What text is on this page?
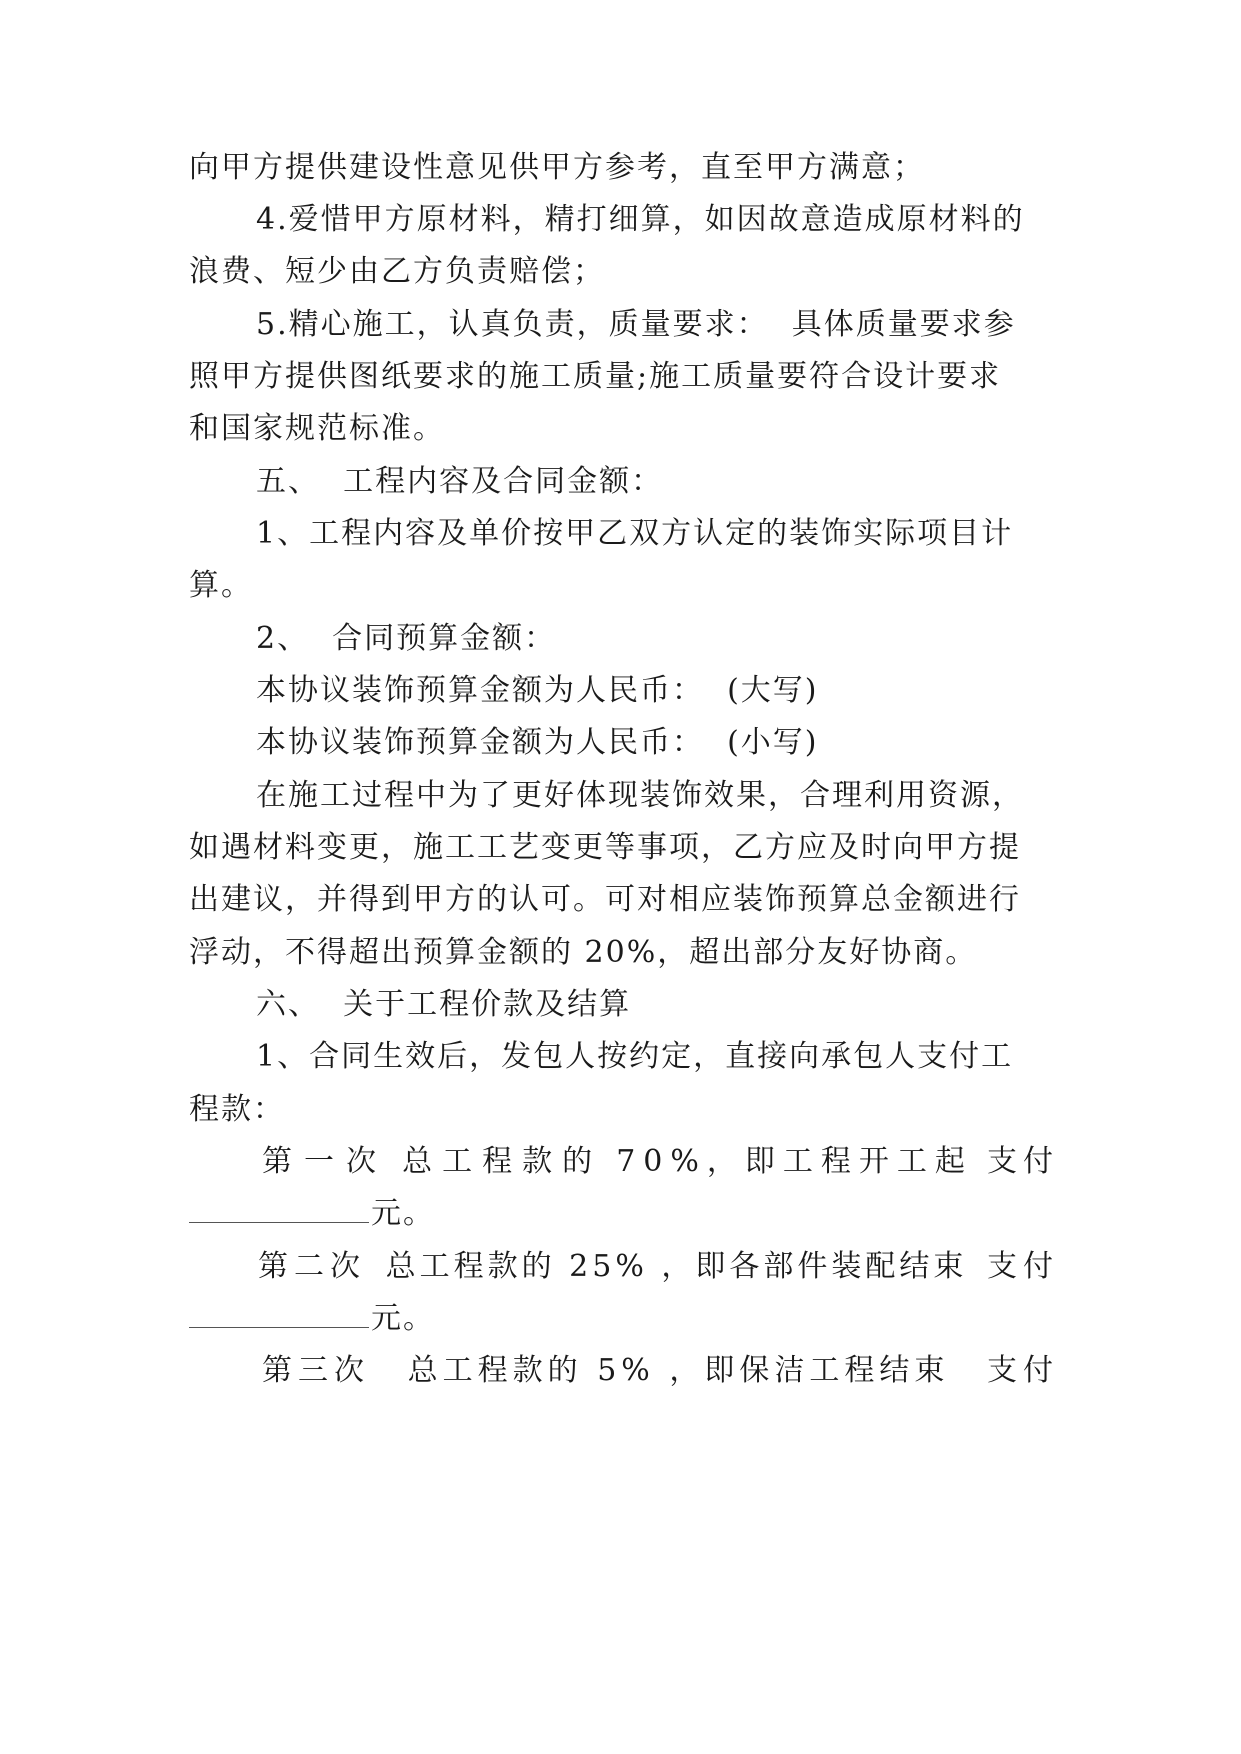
向甲方提供建设性意见供甲方参考，直至甲方满意；
4.爱惜甲方原材料，精打细算，如因故意造成原材料的
浪费、短少由乙方负责赔偿；
5.精心施工，认真负责，质量要求：  具体质量要求参
照甲方提供图纸要求的施工质量;施工质量要符合设计要求
和国家规范标准。
五、  工程内容及合同金额：
1、工程内容及单价按甲乙双方认定的装饰实际项目计
算。
2、  合同预算金额：
本协议装饰预算金额为人民币：  (大写)
本协议装饰预算金额为人民币：  (小写)
在施工过程中为了更好体现装饰效果，合理利用资源，
如遇材料变更，施工工艺变更等事项，乙方应及时向甲方提
出建议，并得到甲方的认可。可对相应装饰预算总金额进行
浮动，不得超出预算金额的 20%，超出部分友好协商。
六、  关于工程价款及结算
1、合同生效后，发包人按约定，直接向承包人支付工
程款：
第一次 总工程款的 70%，即工程开工起 支付
元。
第二次 总工程款的 25% ，即各部件装配结束 支付
元。
第三次 总工程款的 5% ，即保洁工程结束 支付
